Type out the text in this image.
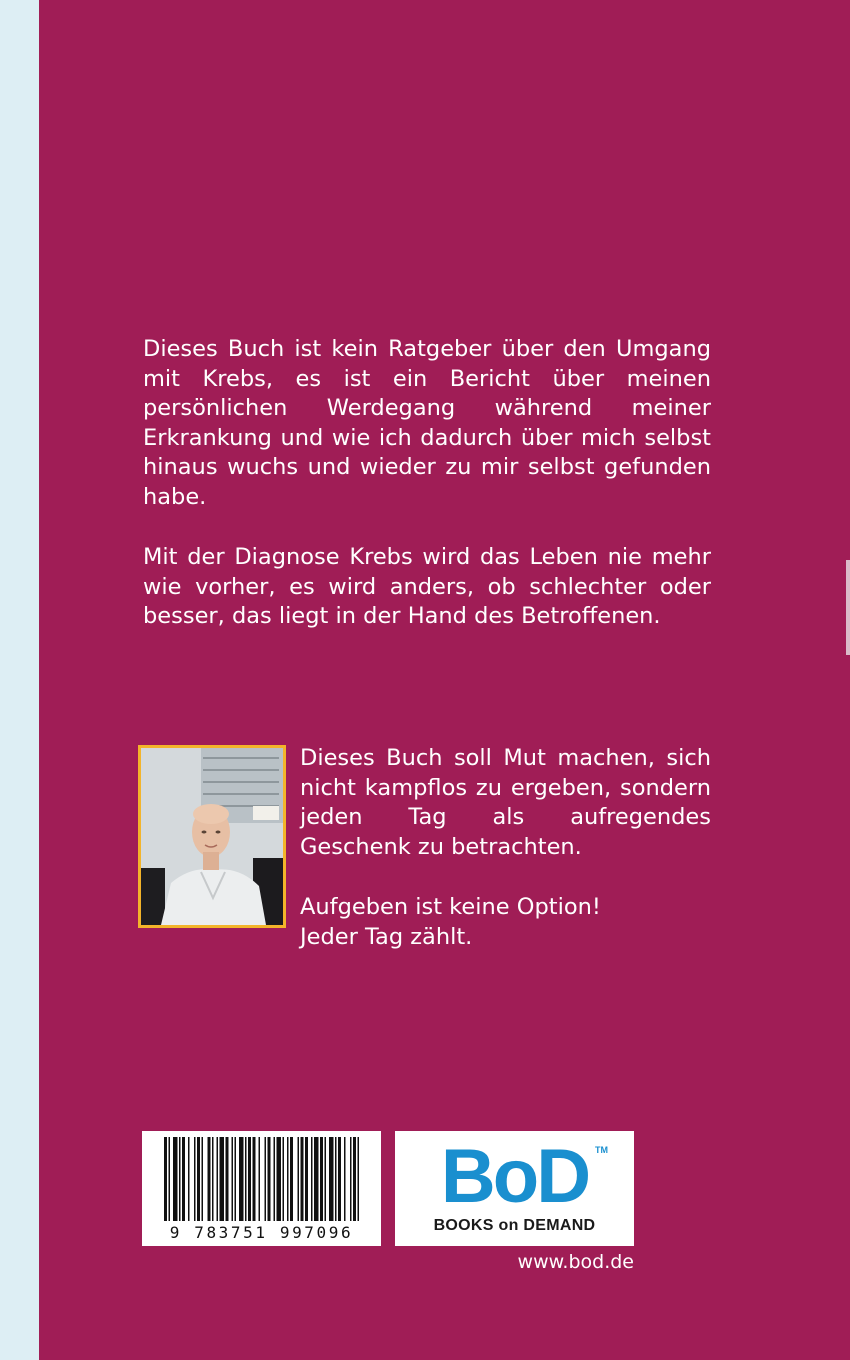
Dieses Buch ist kein Ratgeber über den Umgang mit Krebs, es ist ein Bericht über meinen persönlichen Werdegang während meiner Erkrankung und wie ich dadurch über mich selbst hinaus wuchs und wieder zu mir selbst gefunden habe.

Mit der Diagnose Krebs wird das Leben nie mehr wie vorher, es wird anders, ob schlechter oder besser, das liegt in der Hand des Betroffenen.

Dieses Buch soll Mut machen, sich nicht kampflos zu ergeben, sondern jeden Tag als aufregendes Geschenk zu betrachten.

Aufgeben ist keine Option!
Jeder Tag zählt.

9 783751 997096
BoD TM
BOOKS on DEMAND
www.bod.de
